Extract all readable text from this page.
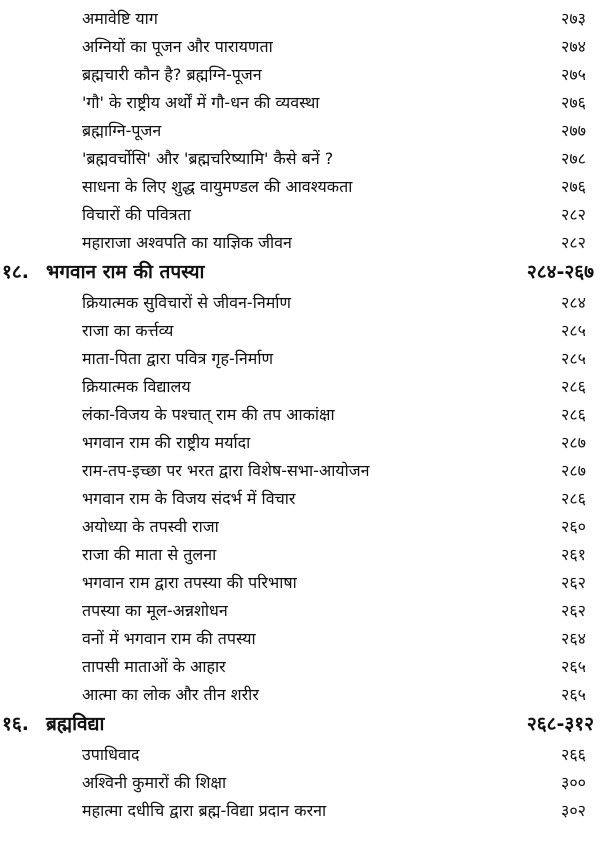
अमावेष्टि याग	२७३
अग्नियों का पूजन और पारायणता	२७४
ब्रह्मचारी कौन है? ब्रह्मग्नि-पूजन	२७५
'गौ' के राष्ट्रीय अर्थों में गौ-धन की व्यवस्था	२७६
ब्रह्माग्नि-पूजन	२७७
'ब्रह्मवर्चोसि' और 'ब्रह्मचरिष्यामि' कैसे बनें ?	२७८
साधना के लिए शुद्ध वायुमण्डल की आवश्यकता	२७६
विचारों की पवित्रता	२८२
महाराजा अश्वपति का याज्ञिक जीवन	२८२
१८. भगवान राम की तपस्या	२८४-२६७
क्रियात्मक सुविचारों से जीवन-निर्माण	२८४
राजा का कर्त्तव्य	२८५
माता-पिता द्वारा पवित्र गृह-निर्माण	२८५
क्रियात्मक विद्यालय	२८६
लंका-विजय के पश्चात् राम की तप आकांक्षा	२८६
भगवान राम की राष्ट्रीय मर्यादा	२८७
राम-तप-इच्छा पर भरत द्वारा विशेष-सभा-आयोजन	२८७
भगवान राम के विजय संदर्भ में विचार	२८६
अयोध्या के तपस्वी राजा	२६०
राजा की माता से तुलना	२६१
भगवान राम द्वारा तपस्या की परिभाषा	२६२
तपस्या का मूल-अन्नशोधन	२६२
वनों में भगवान राम की तपस्या	२६४
तापसी माताओं के आहार	२६५
आत्मा का लोक और तीन शरीर	२६५
१६. ब्रह्मविद्या	२६८-३१२
उपाधिवाद	२६६
अश्विनी कुमारों की शिक्षा	३००
महात्मा दधीचि द्वारा ब्रह्म-विद्या प्रदान करना	३०२
